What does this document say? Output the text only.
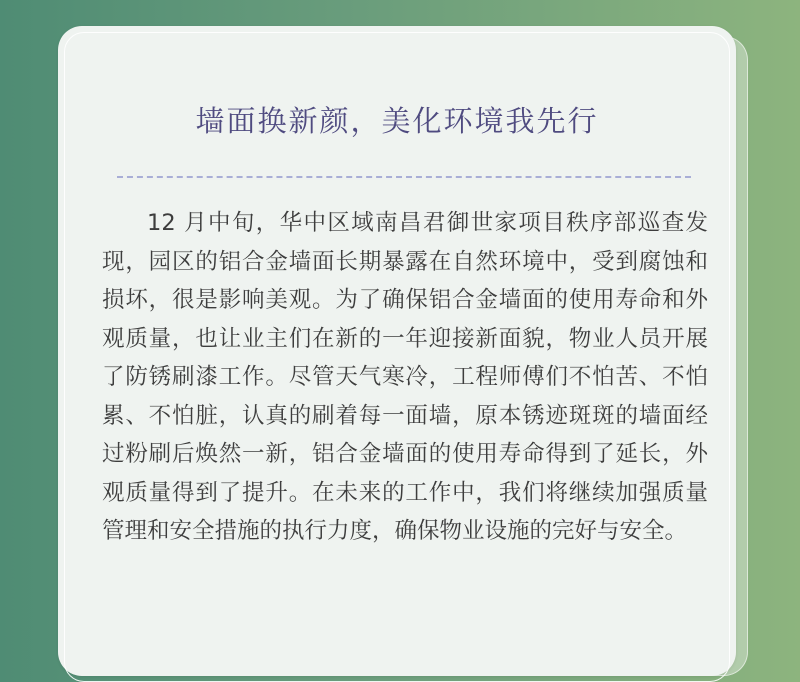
墙面换新颜，美化环境我先行

12 月中旬，华中区域南昌君御世家项目秩序部巡查发现，园区的铝合金墙面长期暴露在自然环境中，受到腐蚀和损坏，很是影响美观。为了确保铝合金墙面的使用寿命和外观质量，也让业主们在新的一年迎接新面貌，物业人员开展了防锈刷漆工作。尽管天气寒冷，工程师傅们不怕苦、不怕累、不怕脏，认真的刷着每一面墙，原本锈迹斑斑的墙面经过粉刷后焕然一新，铝合金墙面的使用寿命得到了延长，外观质量得到了提升。在未来的工作中，我们将继续加强质量管理和安全措施的执行力度，确保物业设施的完好与安全。
